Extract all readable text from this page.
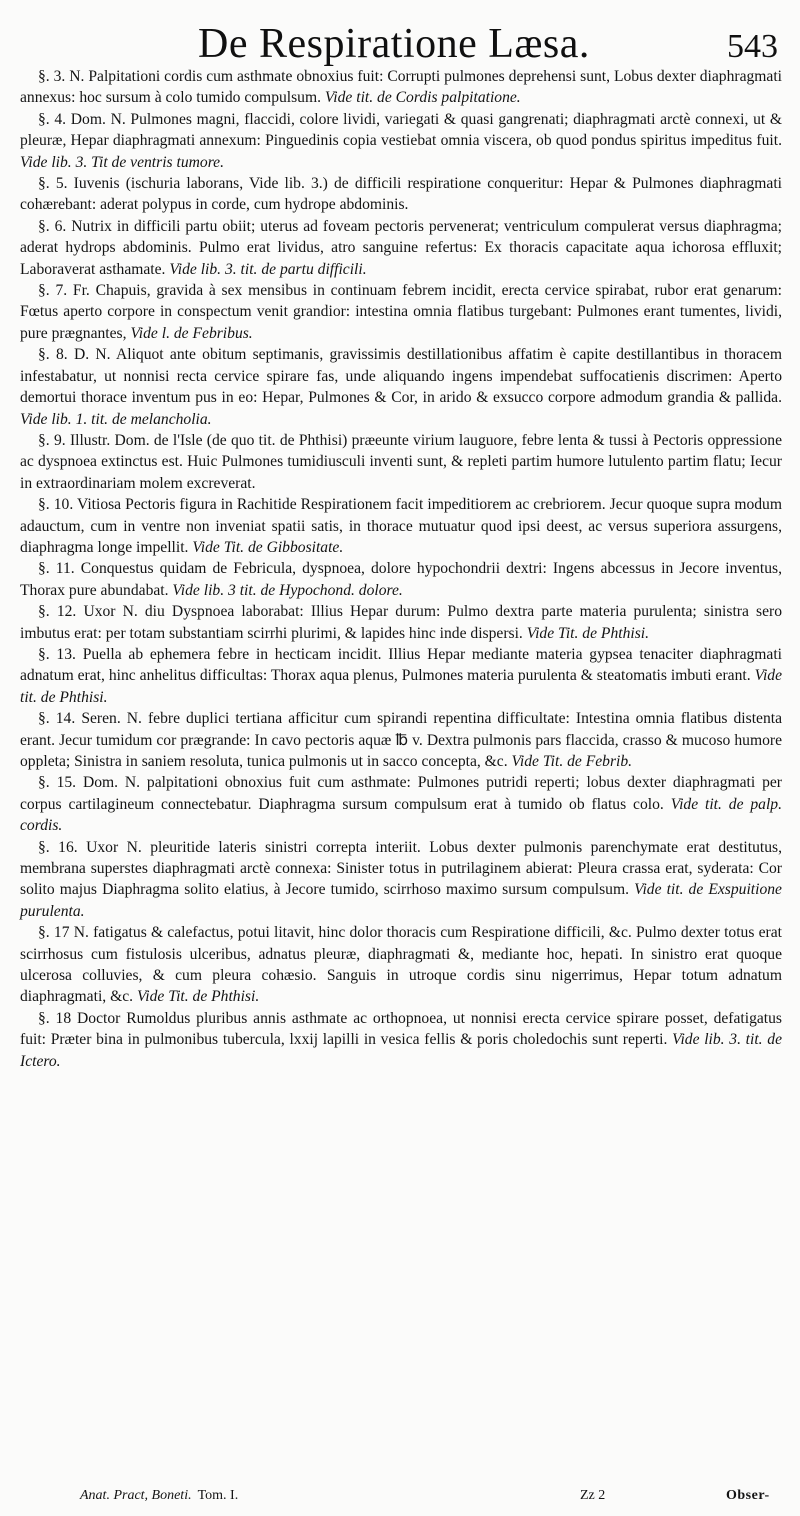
De Respiratione Læsa.	543

§. 3. N. Palpitationi cordis cum asthmate obnoxius fuit: Corrupti pulmones deprehensi sunt, Lobus dexter diaphragmati annexus: hoc sursum à colo tumido compulsum. Vide tit. de Cordis palpitatione.

§. 4. Dom. N. Pulmones magni, flaccidi, colore lividi, variegati & quasi gangrenati; diaphragmati arctè connexi, ut & pleuræ, Hepar diaphragmati annexum: Pinguedinis copia vestiebat omnia viscera, ob quod pondus spiritus impeditus fuit. Vide lib. 3. Tit de ventris tumore.

§. 5. Iuvenis (ischuria laborans, Vide lib. 3.) de difficili respiratione conqueritur: Hepar & Pulmones diaphragmati cohærebant: aderat polypus in corde, cum hydrope abdominis.

§. 6. Nutrix in difficili partu obiit; uterus ad foveam pectoris pervenerat; ventriculum compulerat versus diaphragma; aderat hydrops abdominis. Pulmo erat lividus, atro sanguine refertus: Ex thoracis capacitate aqua ichorosa effluxit; Laboraverat asthamate. Vide lib. 3. tit. de partu difficili.

§. 7. Fr. Chapuis, gravida à sex mensibus in continuam febrem incidit, erecta cervice spirabat, rubor erat genarum: Fœtus aperto corpore in conspectum venit grandior: intestina omnia flatibus turgebant: Pulmones erant tumentes, lividi, pure prægnantes, Vide l. de Febribus.

§. 8. D. N. Aliquot ante obitum septimanis, gravissimis destillationibus affatim è capite destillantibus in thoracem infestabatur, ut nonnisi recta cervice spirare fas, unde aliquando ingens impendebat suffocatienis discrimen: Aperto demortui thorace inventum pus in eo: Hepar, Pulmones & Cor, in arido & exsucco corpore admodum grandia & pallida. Vide lib. 1. tit. de melancholia.

§. 9. Illustr. Dom. de l'Isle (de quo tit. de Phthisi) præeunte virium lauguore, febre lenta & tussi à Pectoris oppressione ac dyspnoea extinctus est. Huic Pulmones tumidiusculi inventi sunt, & repleti partim humore lutulento partim flatu; Iecur in extraordinariam molem excreverat.

§. 10. Vitiosa Pectoris figura in Rachitide Respirationem facit impeditiorem ac crebriorem. Jecur quoque supra modum adauctum, cum in ventre non inveniat spatii satis, in thorace mutuatur quod ipsi deest, ac versus superiora assurgens, diaphragma longe impellit. Vide Tit. de Gibbositate.

§. 11. Conquestus quidam de Febricula, dyspnoea, dolore hypochondrii dextri: Ingens abcessus in Jecore inventus, Thorax pure abundabat. Vide lib. 3 tit. de Hypochond. dolore.

§. 12. Uxor N. diu Dyspnoea laborabat: Illius Hepar durum: Pulmo dextra parte materia purulenta; sinistra sero imbutus erat: per totam substantiam scirrhi plurimi, & lapides hinc inde dispersi. Vide Tit. de Phthisi.

§. 13. Puella ab ephemera febre in hecticam incidit. Illius Hepar mediante materia gypsea tenaciter diaphragmati adnatum erat, hinc anhelitus difficultas: Thorax aqua plenus, Pulmones materia purulenta & steatomatis imbuti erant. Vide tit. de Phthisi.

§. 14. Seren. N. febre duplici tertiana afficitur cum spirandi repentina difficultate: Intestina omnia flatibus distenta erant. Jecur tumidum cor prægrande: In cavo pectoris aquæ ℔ v. Dextra pulmonis pars flaccida, crasso & mucoso humore oppleta; Sinistra in saniem resoluta, tunica pulmonis ut in sacco concepta, &c. Vide Tit. de Febrib.

§. 15. Dom. N. palpitationi obnoxius fuit cum asthmate: Pulmones putridi reperti; lobus dexter diaphragmati per corpus cartilagineum connectebatur. Diaphragma sursum compulsum erat à tumido ob flatus colo. Vide tit. de palp. cordis.

§. 16. Uxor N. pleuritide lateris sinistri correpta interiit. Lobus dexter pulmonis parenchymate erat destitutus, membrana superstes diaphragmati arctè connexa: Sinister totus in putrilaginem abierat: Pleura crassa erat, syderata: Cor solito majus Diaphragma solito elatius, à Jecore tumido, scirrhoso maximo sursum compulsum. Vide tit. de Exspuitione purulenta.

§. 17 N. fatigatus & calefactus, potui litavit, hinc dolor thoracis cum Respiratione difficili, &c. Pulmo dexter totus erat scirrhosus cum fistulosis ulceribus, adnatus pleuræ, diaphragmati &, mediante hoc, hepati. In sinistro erat quoque ulcerosa colluvies, & cum pleura cohæsio. Sanguis in utroque cordis sinu nigerrimus, Hepar totum adnatum diaphragmati, &c. Vide Tit. de Phthisi.

§. 18 Doctor Rumoldus pluribus annis asthmate ac orthopnoea, ut nonnisi erecta cervice spirare posset, defatigatus fuit: Præter bina in pulmonibus tubercula, lxxij lapilli in vesica fellis & poris choledochis sunt reperti. Vide lib. 3. tit. de Ictero.

Anat. Pract, Boneti. Tom. I.	Zz 2	Obser-
